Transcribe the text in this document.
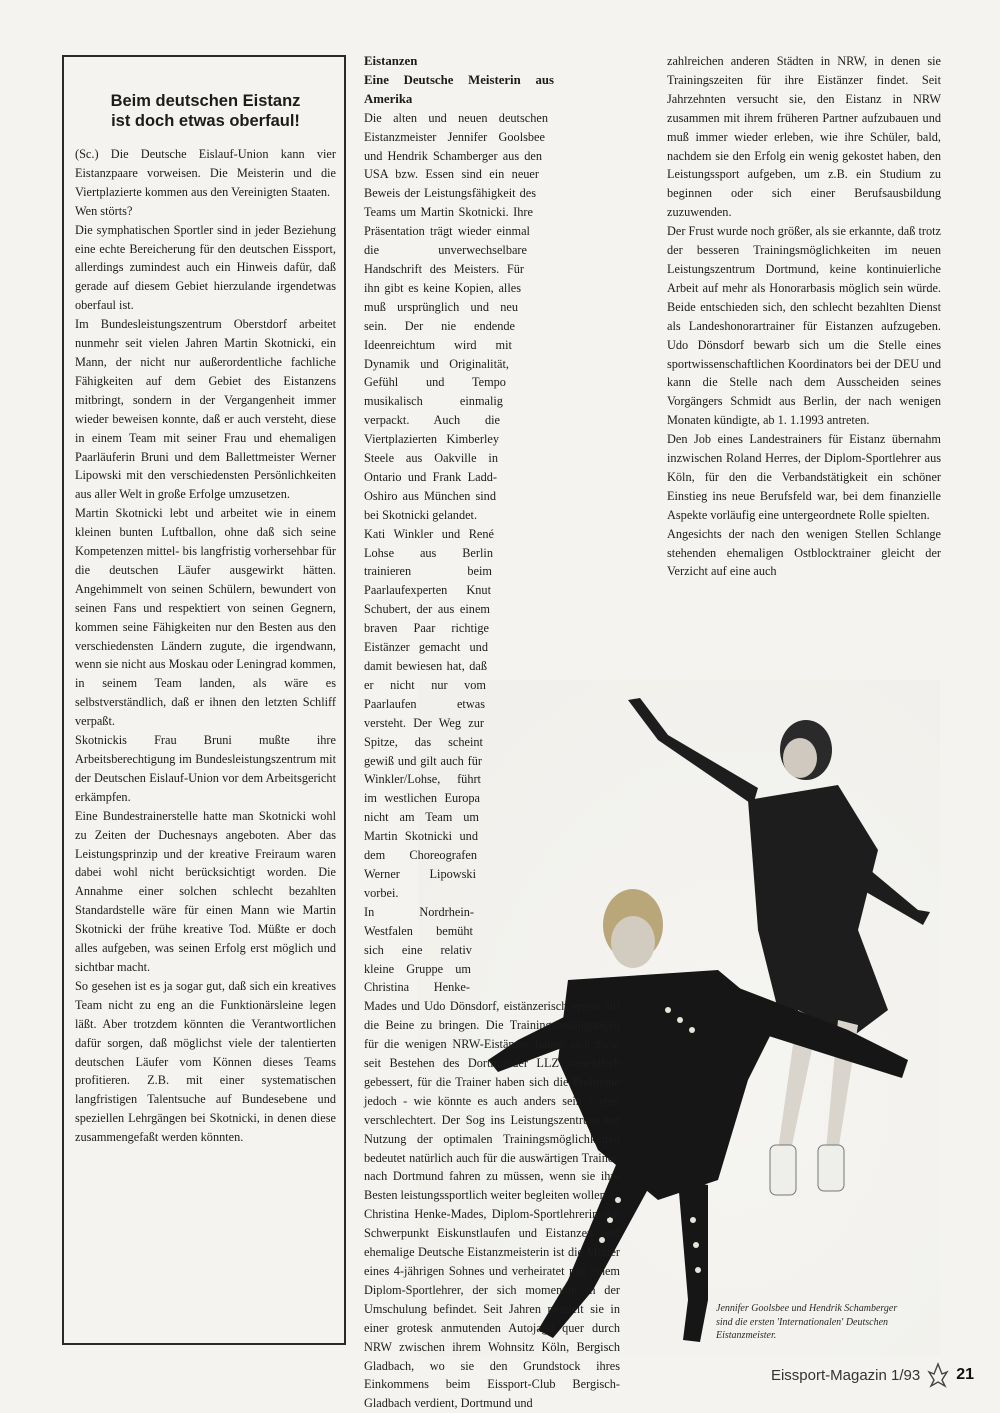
Beim deutschen Eistanz
ist doch etwas oberfaul!

(Sc.) Die Deutsche Eislauf-Union kann vier Eistanzpaare vorweisen. Die Meisterin und die Viertplazierte kommen aus den Vereinigten Staaten.

Wen störts?

Die symphatischen Sportler sind in jeder Beziehung eine echte Bereicherung für den deutschen Eissport, allerdings zumindest auch ein Hinweis dafür, daß gerade auf diesem Gebiet hierzulande irgendetwas oberfaul ist.

Im Bundesleistungszentrum Oberstdorf arbeitet nunmehr seit vielen Jahren Martin Skotnicki, ein Mann, der nicht nur außerordentliche fachliche Fähigkeiten auf dem Gebiet des Eistanzens mitbringt, sondern in der Vergangenheit immer wieder beweisen konnte, daß er auch versteht, diese in einem Team mit seiner Frau und ehemaligen Paarläuferin Bruni und dem Ballettmeister Werner Lipowski mit den verschiedensten Persönlichkeiten aus aller Welt in große Erfolge umzusetzen.

Martin Skotnicki lebt und arbeitet wie in einem kleinen bunten Luftballon, ohne daß sich seine Kompetenzen mittel- bis langfristig vorhersehbar für die deutschen Läufer ausgewirkt hätten. Angehimmelt von seinen Schülern, bewundert von seinen Fans und respektiert von seinen Gegnern, kommen seine Fähigkeiten nur den Besten aus den verschiedensten Ländern zugute, die irgendwann, wenn sie nicht aus Moskau oder Leningrad kommen, in seinem Team landen, als wäre es selbstverständlich, daß er ihnen den letzten Schliff verpaßt.

Skotnickis Frau Bruni mußte ihre Arbeitsberechtigung im Bundesleistungszentrum mit der Deutschen Eislauf-Union vor dem Arbeitsgericht erkämpfen.

Eine Bundestrainerstelle hatte man Skotnicki wohl zu Zeiten der Duchesnays angeboten. Aber das Leistungsprinzip und der kreative Freiraum waren dabei wohl nicht berücksichtigt worden. Die Annahme einer solchen schlecht bezahlten Standardstelle wäre für einen Mann wie Martin Skotnicki der frühe kreative Tod. Müßte er doch alles aufgeben, was seinen Erfolg erst möglich und sichtbar macht.

So gesehen ist es ja sogar gut, daß sich ein kreatives Team nicht zu eng an die Funktionärsleine legen läßt. Aber trotzdem könnten die Verantwortlichen dafür sorgen, daß möglichst viele der talentierten deutschen Läufer vom Können dieses Teams profitieren. Z.B. mit einer systematischen langfristigen Talentsuche auf Bundesebene und speziellen Lehrgängen bei Skotnicki, in denen diese zusammengefaßt werden könnten.

Eistanzen

Eine Deutsche Meisterin aus Amerika

Die alten und neuen deutschen Eistanzmeister Jennifer Goolsbee und Hendrik Schamberger aus den USA bzw. Essen sind ein neuer Beweis der Leistungsfähigkeit des Teams um Martin Skotnicki. Ihre Präsentation trägt wieder einmal die unverwechselbare Handschrift des Meisters. Für ihn gibt es keine Kopien, alles muß ursprünglich und neu sein. Der nie endende Ideenreichtum wird mit Dynamik und Originalität, Gefühl und Tempo musikalisch einmalig verpackt. Auch die Viertplazierten Kimberley Steele aus Oakville in Ontario und Frank Ladd-Oshiro aus München sind bei Skotnicki gelandet.

Kati Winkler und René Lohse aus Berlin trainieren beim Paarlaufexperten Knut Schubert, der aus einem braven Paar richtige Eistänzer gemacht und damit bewiesen hat, daß er nicht nur vom Paarlaufen etwas versteht. Der Weg zur Spitze, das scheint gewiß und gilt auch für Winkler/Lohse, führt im westlichen Europa nicht am Team um Martin Skotnicki und dem Choreografen Werner Lipowski vorbei.

In Nordrhein-Westfalen bemüht sich eine relativ kleine Gruppe um Christina Henke-Mades und Udo Dönsdorf, eistänzerisch etwas auf die Beine zu bringen. Die Trainingsbedingungen für die wenigen NRW-Eistänzer haben sich zwar seit Bestehen des Dortmunder LLZ wesentlich gebessert, für die Trainer haben sich die Probleme jedoch - wie könnte es auch anders sein - eher verschlechtert. Der Sog ins Leistungszentrum zur Nutzung der optimalen Trainingsmöglichkeiten bedeutet natürlich auch für die auswärtigen Trainer, nach Dortmund fahren zu müssen, wenn sie ihre Besten leistungssportlich weiter begleiten wollen.

Christina Henke-Mades, Diplom-Sportlehrerin mit Schwerpunkt Eiskunstlaufen und Eistanzen und ehemalige Deutsche Eistanzmeisterin ist die Mutter eines 4-jährigen Sohnes und verheiratet mit einem Diplom-Sportlehrer, der sich momentan in der Umschulung befindet. Seit Jahren pendelt sie in einer grotesk anmutenden Autojagd quer durch NRW zwischen ihrem Wohnsitz Köln, Bergisch Gladbach, wo sie den Grundstock ihres Einkommens beim Eissport-Club Bergisch-Gladbach verdient, Dortmund und

zahlreichen anderen Städten in NRW, in denen sie Trainingszeiten für ihre Eistänzer findet. Seit Jahrzehnten versucht sie, den Eistanz in NRW zusammen mit ihrem früheren Partner aufzubauen und muß immer wieder erleben, wie ihre Schüler, bald, nachdem sie den Erfolg ein wenig gekostet haben, den Leistungssport aufgeben, um z.B. ein Studium zu beginnen oder sich einer Berufsausbildung zuzuwenden.

Der Frust wurde noch größer, als sie erkannte, daß trotz der besseren Trainingsmöglichkeiten im neuen Leistungszentrum Dortmund, keine kontinuierliche Arbeit auf mehr als Honorarbasis möglich sein würde. Beide entschieden sich, den schlecht bezahlten Dienst als Landeshonorartrainer für Eistanzen aufzugeben. Udo Dönsdorf bewarb sich um die Stelle eines sportwissenschaftlichen Koordinators bei der DEU und kann die Stelle nach dem Ausscheiden seines Vorgängers Schmidt aus Berlin, der nach wenigen Monaten kündigte, ab 1. 1.1993 antreten.

Den Job eines Landestrainers für Eistanz übernahm inzwischen Roland Herres, der Diplom-Sportlehrer aus Köln, für den die Verbandstätigkeit ein schöner Einstieg ins neue Berufsfeld war, bei dem finanzielle Aspekte vorläufig eine untergeordnete Rolle spielten.

Angesichts der nach den wenigen Stellen Schlange stehenden ehemaligen Ostblocktrainer gleicht der Verzicht auf eine auch

Jennifer Goolsbee und Hendrik Schamberger sind die ersten 'Internationalen' Deutschen Eistanzmeister.
Eissport-Magazin 1/93 21
